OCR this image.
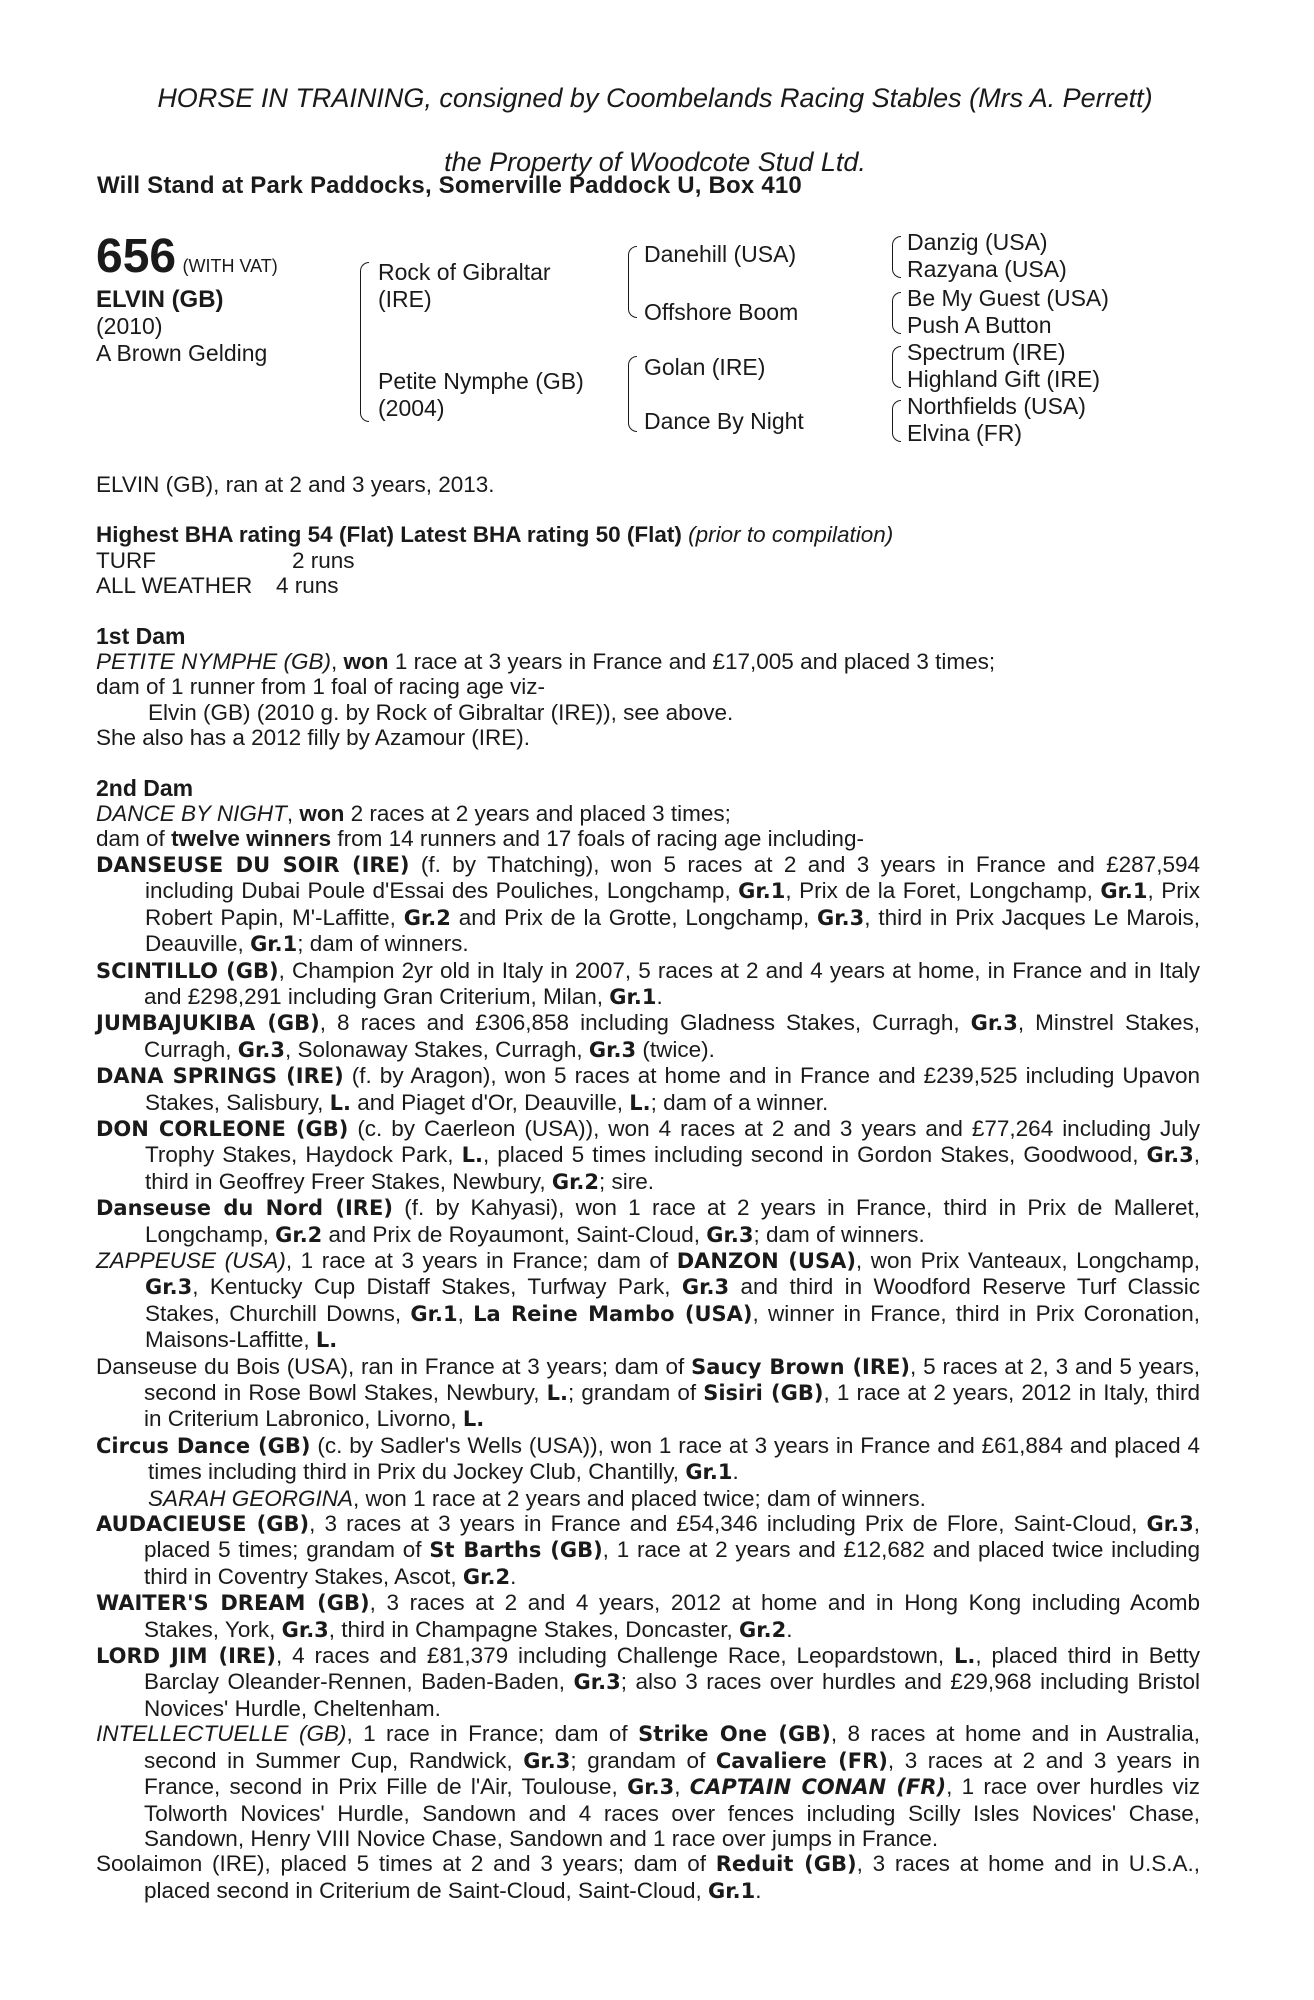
HORSE IN TRAINING, consigned by Coombelands Racing Stables (Mrs A. Perrett)
the Property of Woodcote Stud Ltd.
Will Stand at Park Paddocks, Somerville Paddock U, Box 410
656 (WITH VAT)
ELVIN (GB)
(2010)
A Brown Gelding
Rock of Gibraltar (IRE)
Petite Nymphe (GB) (2004)
Danehill (USA)
Offshore Boom
Golan (IRE)
Dance By Night
Danzig (USA)
Razyana (USA)
Be My Guest (USA)
Push A Button
Spectrum (IRE)
Highland Gift (IRE)
Northfields (USA)
Elvina (FR)

ELVIN (GB), ran at 2 and 3 years, 2013.

Highest BHA rating 54 (Flat) Latest BHA rating 50 (Flat) (prior to compilation)

TURF	2 runs

ALL WEATHER 4 runs

1st Dam

PETITE NYMPHE (GB), won 1 race at 3 years in France and £17,005 and placed 3 times;

dam of 1 runner from 1 foal of racing age viz-

Elvin (GB) (2010 g. by Rock of Gibraltar (IRE)), see above.

She also has a 2012 filly by Azamour (IRE).

2nd Dam

DANCE BY NIGHT, won 2 races at 2 years and placed 3 times;

dam of twelve winners from 14 runners and 17 foals of racing age including-

DANSEUSE DU SOIR (IRE) (f. by Thatching), won 5 races at 2 and 3 years in France and £287,594 including Dubai Poule d'Essai des Pouliches, Longchamp, Gr.1, Prix de la Foret, Longchamp, Gr.1, Prix Robert Papin, M'-Laffitte, Gr.2 and Prix de la Grotte, Longchamp, Gr.3, third in Prix Jacques Le Marois, Deauville, Gr.1; dam of winners.

SCINTILLO (GB), Champion 2yr old in Italy in 2007, 5 races at 2 and 4 years at home, in France and in Italy and £298,291 including Gran Criterium, Milan, Gr.1.

JUMBAJUKIBA (GB), 8 races and £306,858 including Gladness Stakes, Curragh, Gr.3, Minstrel Stakes, Curragh, Gr.3, Solonaway Stakes, Curragh, Gr.3 (twice).

DANA SPRINGS (IRE) (f. by Aragon), won 5 races at home and in France and £239,525 including Upavon Stakes, Salisbury, L. and Piaget d'Or, Deauville, L.; dam of a winner.

DON CORLEONE (GB) (c. by Caerleon (USA)), won 4 races at 2 and 3 years and £77,264 including July Trophy Stakes, Haydock Park, L., placed 5 times including second in Gordon Stakes, Goodwood, Gr.3, third in Geoffrey Freer Stakes, Newbury, Gr.2; sire.

Danseuse du Nord (IRE) (f. by Kahyasi), won 1 race at 2 years in France, third in Prix de Malleret, Longchamp, Gr.2 and Prix de Royaumont, Saint-Cloud, Gr.3; dam of winners.

ZAPPEUSE (USA), 1 race at 3 years in France; dam of DANZON (USA), won Prix Vanteaux, Longchamp, Gr.3, Kentucky Cup Distaff Stakes, Turfway Park, Gr.3 and third in Woodford Reserve Turf Classic Stakes, Churchill Downs, Gr.1, La Reine Mambo (USA), winner in France, third in Prix Coronation, Maisons-Laffitte, L.

Danseuse du Bois (USA), ran in France at 3 years; dam of Saucy Brown (IRE), 5 races at 2, 3 and 5 years, second in Rose Bowl Stakes, Newbury, L.; grandam of Sisiri (GB), 1 race at 2 years, 2012 in Italy, third in Criterium Labronico, Livorno, L.

Circus Dance (GB) (c. by Sadler's Wells (USA)), won 1 race at 3 years in France and £61,884 and placed 4 times including third in Prix du Jockey Club, Chantilly, Gr.1.

SARAH GEORGINA, won 1 race at 2 years and placed twice; dam of winners.

AUDACIEUSE (GB), 3 races at 3 years in France and £54,346 including Prix de Flore, Saint-Cloud, Gr.3, placed 5 times; grandam of St Barths (GB), 1 race at 2 years and £12,682 and placed twice including third in Coventry Stakes, Ascot, Gr.2.

WAITER'S DREAM (GB), 3 races at 2 and 4 years, 2012 at home and in Hong Kong including Acomb Stakes, York, Gr.3, third in Champagne Stakes, Doncaster, Gr.2.

LORD JIM (IRE), 4 races and £81,379 including Challenge Race, Leopardstown, L., placed third in Betty Barclay Oleander-Rennen, Baden-Baden, Gr.3; also 3 races over hurdles and £29,968 including Bristol Novices' Hurdle, Cheltenham.

INTELLECTUELLE (GB), 1 race in France; dam of Strike One (GB), 8 races at home and in Australia, second in Summer Cup, Randwick, Gr.3; grandam of Cavaliere (FR), 3 races at 2 and 3 years in France, second in Prix Fille de l'Air, Toulouse, Gr.3, CAPTAIN CONAN (FR), 1 race over hurdles viz Tolworth Novices' Hurdle, Sandown and 4 races over fences including Scilly Isles Novices' Chase, Sandown, Henry VIII Novice Chase, Sandown and 1 race over jumps in France.

Soolaimon (IRE), placed 5 times at 2 and 3 years; dam of Reduit (GB), 3 races at home and in U.S.A., placed second in Criterium de Saint-Cloud, Saint-Cloud, Gr.1.
